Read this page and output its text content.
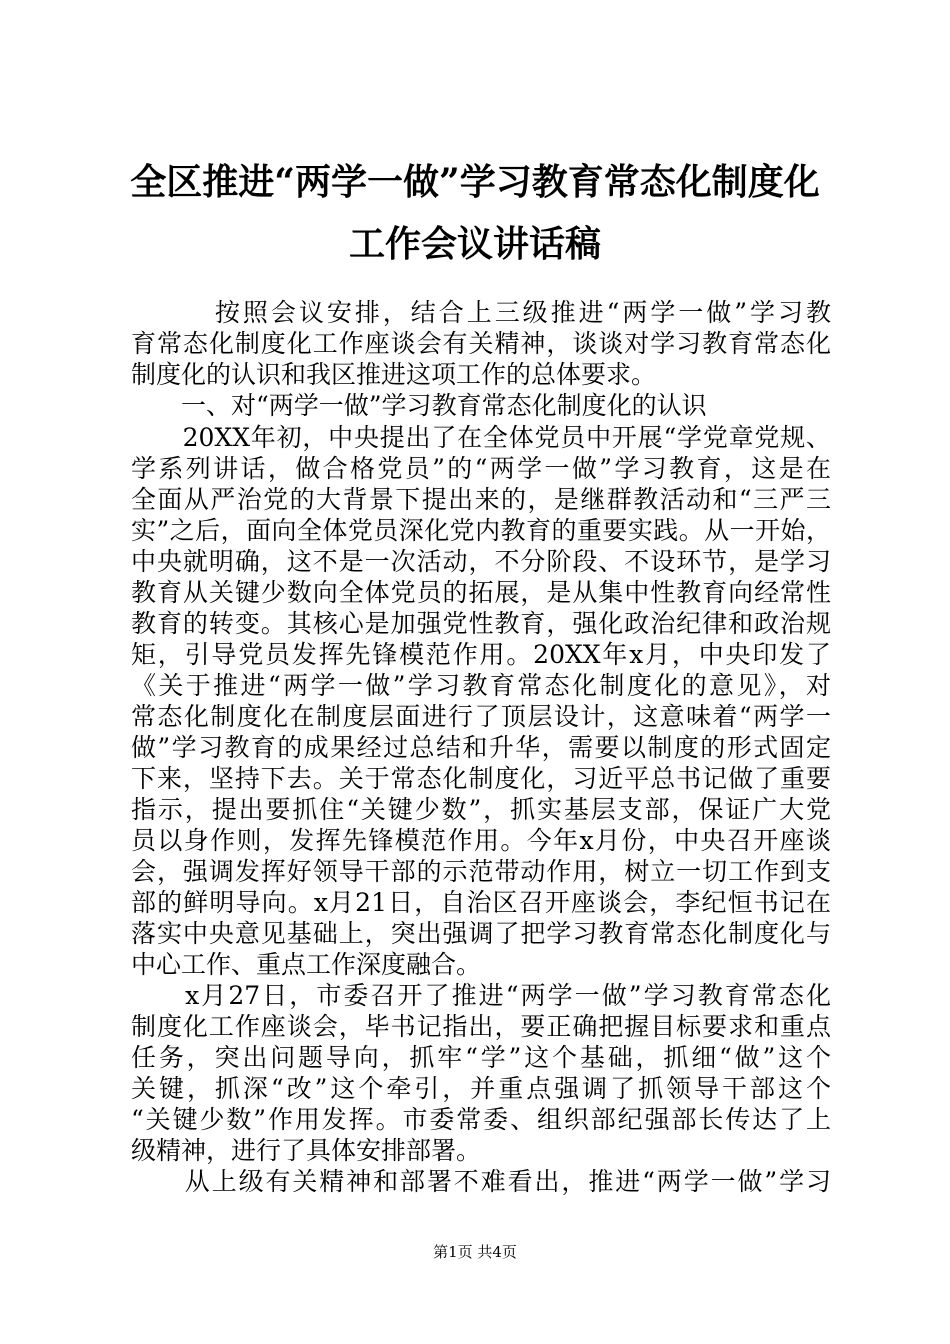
全区推进“两学一做”学习教育常态化制度化
工作会议讲话稿
　　　按照会议安排，结合上三级推进“两学一做”学习教
育常态化制度化工作座谈会有关精神，谈谈对学习教育常态化
制度化的认识和我区推进这项工作的总体要求。
　　一、对“两学一做”学习教育常态化制度化的认识
　　20XX年初，中央提出了在全体党员中开展“学党章党规、
学系列讲话，做合格党员”的“两学一做”学习教育，这是在
全面从严治党的大背景下提出来的，是继群教活动和“三严三
实”之后，面向全体党员深化党内教育的重要实践。从一开始，
中央就明确，这不是一次活动，不分阶段、不设环节，是学习
教育从关键少数向全体党员的拓展，是从集中性教育向经常性
教育的转变。其核心是加强党性教育，强化政治纪律和政治规
矩，引导党员发挥先锋模范作用。20XX年x月，中央印发了
《关于推进“两学一做”学习教育常态化制度化的意见》，对
常态化制度化在制度层面进行了顶层设计，这意味着“两学一
做”学习教育的成果经过总结和升华，需要以制度的形式固定
下来，坚持下去。关于常态化制度化，习近平总书记做了重要
指示，提出要抓住“关键少数”，抓实基层支部，保证广大党
员以身作则，发挥先锋模范作用。今年x月份，中央召开座谈
会，强调发挥好领导干部的示范带动作用，树立一切工作到支
部的鲜明导向。x月21日，自治区召开座谈会，李纪恒书记在
落实中央意见基础上，突出强调了把学习教育常态化制度化与
中心工作、重点工作深度融合。
　　x月27日，市委召开了推进“两学一做”学习教育常态化
制度化工作座谈会，毕书记指出，要正确把握目标要求和重点
任务，突出问题导向，抓牢“学”这个基础，抓细“做”这个
关键，抓深“改”这个牵引，并重点强调了抓领导干部这个
“关键少数”作用发挥。市委常委、组织部纪强部长传达了上
级精神，进行了具体安排部署。
　　从上级有关精神和部署不难看出，推进“两学一做”学习
第1页 共4页
